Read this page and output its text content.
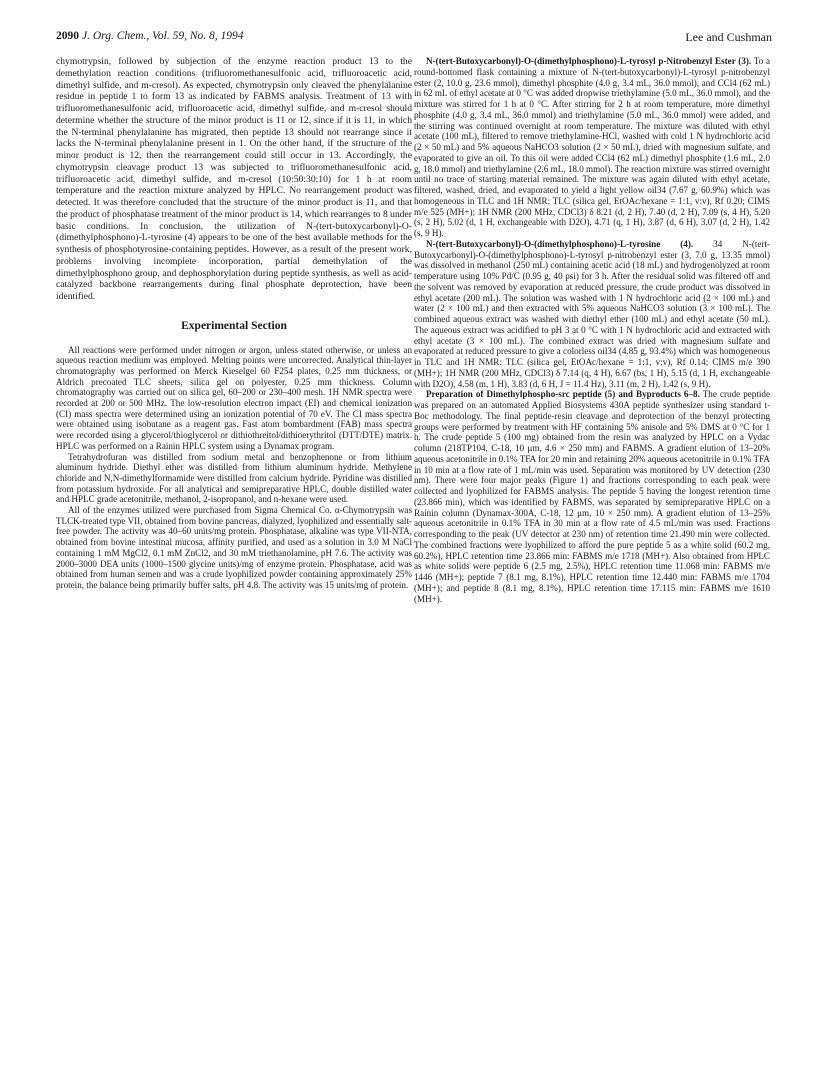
2090 J. Org. Chem., Vol. 59, No. 8, 1994	Lee and Cushman

chymotrypsin, followed by subjection of the enzyme reaction product 13 to the demethylation reaction conditions (trifluoromethanesulfonic acid, trifluoroacetic acid, dimethyl sulfide, and m-cresol). As expected, chymotrypsin only cleaved the phenylalanine residue in peptide 1 to form 13 as indicated by FABMS analysis. Treatment of 13 with trifluoromethanesulfonic acid, trifluoroacetic acid, dimethyl sulfide, and m-cresol should determine whether the structure of the minor product is 11 or 12, since if it is 11, in which the N-terminal phenylalanine has migrated, then peptide 13 should not rearrange since it lacks the N-terminal phenylalanine present in 1. On the other hand, if the structure of the minor product is 12, then the rearrangement could still occur in 13. Accordingly, the chymotrypsin cleavage product 13 was subjected to trifluoromethanesulfonic acid, trifluoroacetic acid, dimethyl sulfide, and m-cresol (10:50:30:10) for 1 h at room temperature and the reaction mixture analyzed by HPLC. No rearrangement product was detected. It was therefore concluded that the structure of the minor product is 11, and that the product of phosphatase treatment of the minor product is 14, which rearranges to 8 under basic conditions. In conclusion, the utilization of N-(tert-butoxycarbonyl)-O-(dimethylphosphono)-L-tyrosine (4) appears to be one of the best available methods for the synthesis of phosphotyrosine-containing peptides. However, as a result of the present work, problems involving incomplete incorporation, partial demethylation of the dimethylphosphono group, and dephosphorylation during peptide synthesis, as well as acid-catalyzed backbone rearrangements during final phosphate deprotection, have been identified.

Experimental Section

All reactions were performed under nitrogen or argon, unless stated otherwise, or unless an aqueous reaction medium was employed. Melting points were uncorrected. Analytical thin-layer chromatography was performed on Merck Kieselgel 60 F254 plates, 0.25 mm thickness, or Aldrich precoated TLC sheets, silica gel on polyester, 0.25 mm thickness. Column chromatography was carried out on silica gel, 60–200 or 230–400 mesh. 1H NMR spectra were recorded at 200 or 500 MHz. The low-resolution electron impact (EI) and chemical ionization (CI) mass spectra were determined using an ionization potential of 70 eV. The CI mass spectra were obtained using isobutane as a reagent gas. Fast atom bombardment (FAB) mass spectra were recorded using a glycerol/thioglycerol or dithiothreitol/dithioerythritol (DTT/DTE) matrix. HPLC was performed on a Rainin HPLC system using a Dynamax program.

Tetrahydrofuran was distilled from sodium metal and benzophenone or from lithium aluminum hydride. Diethyl ether was distilled from lithium aluminum hydride. Methylene chloride and N,N-dimethylformamide were distilled from calcium hydride. Pyridine was distilled from potassium hydroxide. For all analytical and semipreparative HPLC, double distilled water and HPLC grade acetonitrile, methanol, 2-isopropanol, and n-hexane were used.

All of the enzymes utilized were purchased from Sigma Chemical Co. α-Chymotrypsin was TLCK-treated type VII, obtained from bovine pancreas, dialyzed, lyophilized and essentially salt-free powder. The activity was 40–60 units/mg protein. Phosphatase, alkaline was type VII-NTA, obtained from bovine intestinal mucosa, affinity purified, and used as a solution in 3.0 M NaCl containing 1 mM MgCl2, 0.1 mM ZnCl2, and 30 mM triethanolamine, pH 7.6. The activity was 2000–3000 DEA units (1000–1500 glycine units)/mg of enzyme protein. Phosphatase, acid was obtained from human semen and was a crude lyophilized powder containing approximately 25% protein, the balance being primarily buffer salts, pH 4.8. The activity was 15 units/mg of protein.

N-(tert-Butoxycarbonyl)-O-(dimethylphosphono)-L-tyrosyl p-Nitrobenzyl Ester (3). To a round-bottomed flask containing a mixture of N-(tert-butoxycarbonyl)-L-tyrosyl p-nitrobenzyl ester (2, 10.0 g, 23.6 mmol), dimethyl phosphite (4.0 g, 3.4 mL, 36.0 mmol), and CCl4 (62 mL) in 62 mL of ethyl acetate at 0 °C was added dropwise triethylamine (5.0 mL, 36.0 mmol), and the mixture was stirred for 1 h at 0 °C. After stirring for 2 h at room temperature, more dimethyl phosphite (4.0 g, 3.4 mL, 36.0 mmol) and triethylamine (5.0 mL, 36.0 mmol) were added, and the stirring was continued overnight at room temperature. The mixture was diluted with ethyl acetate (100 mL), filtered to remove triethylamine-HCl, washed with cold 1 N hydrochloric acid (2 × 50 mL) and 5% aqueous NaHCO3 solution (2 × 50 mL), dried with magnesium sulfate, and evaporated to give an oil. To this oil were added CCl4 (62 mL) dimethyl phosphite (1.6 mL, 2.0 g, 18.0 mmol) and triethylamine (2.6 mL, 18.0 mmol). The reaction mixture was stirred overnight until no trace of starting material remained. The mixture was again diluted with ethyl acetate, filtered, washed, dried, and evaporated to yield a light yellow oil34 (7.67 g, 60.9%) which was homogeneous in TLC and 1H NMR: TLC (silica gel, EtOAc/hexane = 1:1, v:v), Rf 0.20; CIMS m/e 525 (MH+); 1H NMR (200 MHz, CDCl3) δ 8.21 (d, 2 H), 7.40 (d, 2 H), 7.09 (s, 4 H), 5.20 (s, 2 H), 5.02 (d, 1 H, exchangeable with D2O), 4.71 (q, 1 H), 3.87 (d, 6 H), 3.07 (d, 2 H), 1.42 (s, 9 H).

N-(tert-Butoxycarbonyl)-O-(dimethylphosphono)-L-tyrosine (4). 34 N-(tert-Butoxycarbonyl)-O-(dimethylphosphono)-L-tyrosyl p-nitrobenzyl ester (3, 7.0 g, 13.35 mmol) was dissolved in methanol (250 mL) containing acetic acid (18 mL) and hydrogenolyzed at room temperature using 10% Pd/C (0.95 g, 40 psi) for 3 h. After the residual solid was filtered off and the solvent was removed by evaporation at reduced pressure, the crude product was dissolved in ethyl acetate (200 mL). The solution was washed with 1 N hydrochloric acid (2 × 100 mL) and water (2 × 100 mL) and then extracted with 5% aqueous NaHCO3 solution (3 × 100 mL). The combined aqueous extract was washed with diethyl ether (100 mL) and ethyl acetate (50 mL). The aqueous extract was acidified to pH 3 at 0 °C with 1 N hydrochloric acid and extracted with ethyl acetate (3 × 100 mL). The combined extract was dried with magnesium sulfate and evaporated at reduced pressure to give a colorless oil34 (4.85 g, 93.4%) which was homogeneous in TLC and 1H NMR: TLC (silica gel, EtOAc/hexane = 1:1, v:v), Rf 0.14; CIMS m/e 390 (MH+); 1H NMR (200 MHz, CDCl3) δ 7.14 (q, 4 H), 6.67 (bs, 1 H), 5.15 (d, 1 H, exchangeable with D2O), 4.58 (m, 1 H), 3.83 (d, 6 H, J = 11.4 Hz), 3.11 (m, 2 H), 1.42 (s, 9 H).

Preparation of Dimethylphospho-src peptide (5) and Byproducts 6–8. The crude peptide was prepared on an automated Applied Biosystems 430A peptide synthesizer using standard t-Boc methodology. The final peptide-resin cleavage and deprotection of the benzyl protecting groups were performed by treatment with HF containing 5% anisole and 5% DMS at 0 °C for 1 h. The crude peptide 5 (100 mg) obtained from the resin was analyzed by HPLC on a Vydac column (218TP104, C-18, 10 μm, 4.6 × 250 mm) and FABMS. A gradient elution of 13–20% aqueous acetonitrile in 0.1% TFA for 20 min and retaining 20% aqueous acetonitrile in 0.1% TFA in 10 min at a flow rate of 1 mL/min was used. Separation was monitored by UV detection (230 nm). There were four major peaks (Figure 1) and fractions corresponding to each peak were collected and lyophilized for FABMS analysis. The peptide 5 having the longest retention time (23.866 min), which was identified by FABMS, was separated by semipreparative HPLC on a Rainin column (Dynamax-300A, C-18, 12 μm, 10 × 250 mm). A gradient elution of 13–25% aqueous acetonitrile in 0.1% TFA in 30 min at a flow rate of 4.5 mL/min was used. Fractions corresponding to the peak (UV detector at 230 nm) of retention time 21.490 min were collected. The combined fractions were lyophilized to afford the pure peptide 5 as a white solid (60.2 mg, 60.2%), HPLC retention time 23.866 min: FABMS m/e 1718 (MH+). Also obtained from HPLC as white solids were peptide 6 (2.5 mg, 2.5%), HPLC retention time 11.068 min: FABMS m/e 1446 (MH+); peptide 7 (8.1 mg, 8.1%), HPLC retention time 12.440 min: FABMS m/e 1704 (MH+); and peptide 8 (8.1 mg, 8.1%), HPLC retention time 17.115 min: FABMS m/e 1610 (MH+).
